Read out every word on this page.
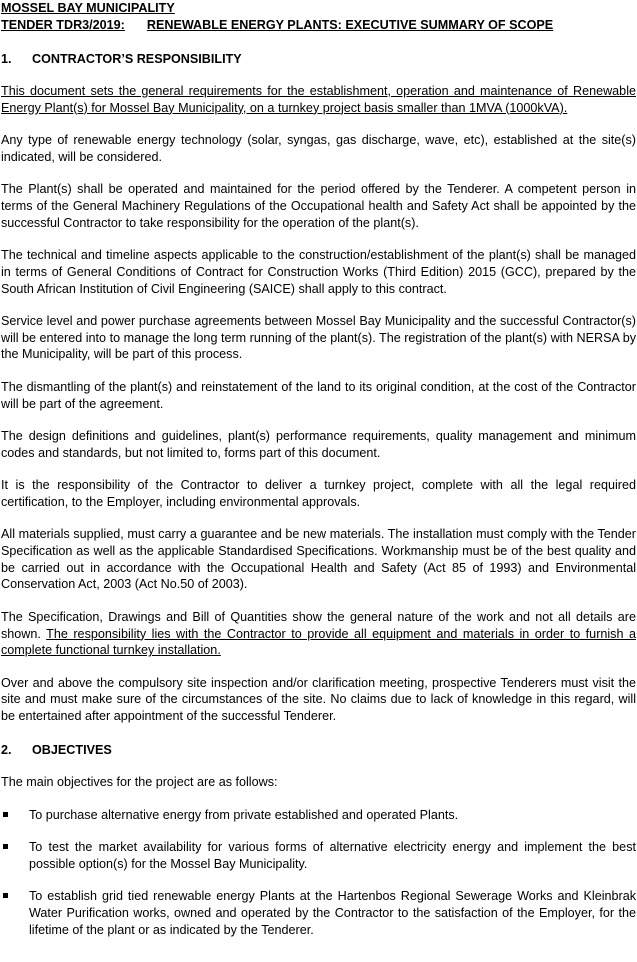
MOSSEL BAY MUNICIPALITY
TENDER TDR3/2019: RENEWABLE ENERGY PLANTS: EXECUTIVE SUMMARY OF SCOPE
1.	CONTRACTOR’S RESPONSIBILITY

This document sets the general requirements for the establishment, operation and maintenance of Renewable Energy Plant(s) for Mossel Bay Municipality, on a turnkey project basis smaller than 1MVA (1000kVA).

Any type of renewable energy technology (solar, syngas, gas discharge, wave, etc), established at the site(s) indicated, will be considered.

The Plant(s) shall be operated and maintained for the period offered by the Tenderer. A competent person in terms of the General Machinery Regulations of the Occupational health and Safety Act shall be appointed by the successful Contractor to take responsibility for the operation of the plant(s).

The technical and timeline aspects applicable to the construction/establishment of the plant(s) shall be managed in terms of General Conditions of Contract for Construction Works (Third Edition) 2015 (GCC), prepared by the South African Institution of Civil Engineering (SAICE) shall apply to this contract.

Service level and power purchase agreements between Mossel Bay Municipality and the successful Contractor(s) will be entered into to manage the long term running of the plant(s). The registration of the plant(s) with NERSA by the Municipality, will be part of this process.

The dismantling of the plant(s) and reinstatement of the land to its original condition, at the cost of the Contractor will be part of the agreement.

The design definitions and guidelines, plant(s) performance requirements, quality management and minimum codes and standards, but not limited to, forms part of this document.

It is the responsibility of the Contractor to deliver a turnkey project, complete with all the legal required certification, to the Employer, including environmental approvals.

All materials supplied, must carry a guarantee and be new materials. The installation must comply with the Tender Specification as well as the applicable Standardised Specifications. Workmanship must be of the best quality and be carried out in accordance with the Occupational Health and Safety (Act 85 of 1993) and Environmental Conservation Act, 2003 (Act No.50 of 2003).

The Specification, Drawings and Bill of Quantities show the general nature of the work and not all details are shown. The responsibility lies with the Contractor to provide all equipment and materials in order to furnish a complete functional turnkey installation.

Over and above the compulsory site inspection and/or clarification meeting, prospective Tenderers must visit the site and must make sure of the circumstances of the site. No claims due to lack of knowledge in this regard, will be entertained after appointment of the successful Tenderer.

2.	OBJECTIVES

The main objectives for the project are as follows:

To purchase alternative energy from private established and operated Plants.
To test the market availability for various forms of alternative electricity energy and implement the best possible option(s) for the Mossel Bay Municipality.
To establish grid tied renewable energy Plants at the Hartenbos Regional Sewerage Works and Kleinbrak Water Purification works, owned and operated by the Contractor to the satisfaction of the Employer, for the lifetime of the plant or as indicated by the Tenderer.
